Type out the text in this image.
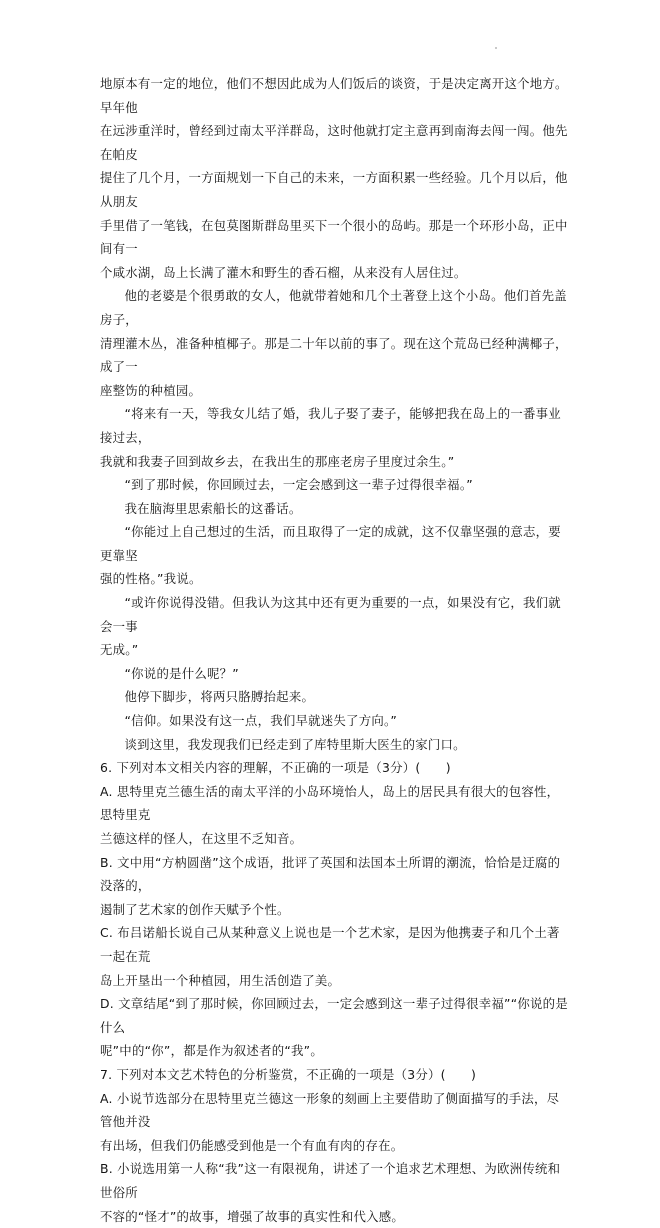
地原本有一定的地位，他们不想因此成为人们饭后的谈资，于是决定离开这个地方。早年他

在远涉重洋时，曾经到过南太平洋群岛，这时他就打定主意再到南海去闯一闯。他先在帕皮

提住了几个月，一方面规划一下自己的未来，一方面积累一些经验。几个月以后，他从朋友

手里借了一笔钱，在包莫图斯群岛里买下一个很小的岛屿。那是一个环形小岛，正中间有一

个咸水湖，岛上长满了灌木和野生的香石榴，从来没有人居住过。

他的老婆是个很勇敢的女人，他就带着她和几个土著登上这个小岛。他们首先盖房子，

清理灌木丛，准备种植椰子。那是二十年以前的事了。现在这个荒岛已经种满椰子，成了一

座整饬的种植园。

“将来有一天，等我女儿结了婚，我儿子娶了妻子，能够把我在岛上的一番事业接过去，

我就和我妻子回到故乡去，在我出生的那座老房子里度过余生。”

“到了那时候，你回顾过去，一定会感到这一辈子过得很幸福。”

我在脑海里思索船长的这番话。

“你能过上自己想过的生活，而且取得了一定的成就，这不仅靠坚强的意志，要更靠坚

强的性格。”我说。

“或许你说得没错。但我认为这其中还有更为重要的一点，如果没有它，我们就会一事

无成。”

“你说的是什么呢？”

他停下脚步，将两只胳膊抬起来。

“信仰。如果没有这一点，我们早就迷失了方向。”

谈到这里，我发现我们已经走到了库特里斯大医生的家门口。

6. 下列对本文相关内容的理解，不正确的一项是（3分）(　　)

A. 思特里克兰德生活的南太平洋的小岛环境怡人，岛上的居民具有很大的包容性，思特里克

兰德这样的怪人，在这里不乏知音。

B. 文中用“方枘圆凿”这个成语，批评了英国和法国本土所谓的潮流，恰恰是迂腐的没落的，

遏制了艺术家的创作天赋予个性。

C. 布吕诺船长说自己从某种意义上说也是一个艺术家，是因为他携妻子和几个土著一起在荒

岛上开垦出一个种植园，用生活创造了美。

D. 文章结尾“到了那时候，你回顾过去，一定会感到这一辈子过得很幸福”“你说的是什么

呢”中的“你”，都是作为叙述者的“我”。

7. 下列对本文艺术特色的分析鉴赏，不正确的一项是（3分）(　　)

A. 小说节选部分在思特里克兰德这一形象的刻画上主要借助了侧面描写的手法，尽管他并没

有出场，但我们仍能感受到他是一个有血有肉的存在。

B. 小说选用第一人称“我”这一有限视角，讲述了一个追求艺术理想、为欧洲传统和世俗所

不容的“怪才”的故事，增强了故事的真实性和代入感。
